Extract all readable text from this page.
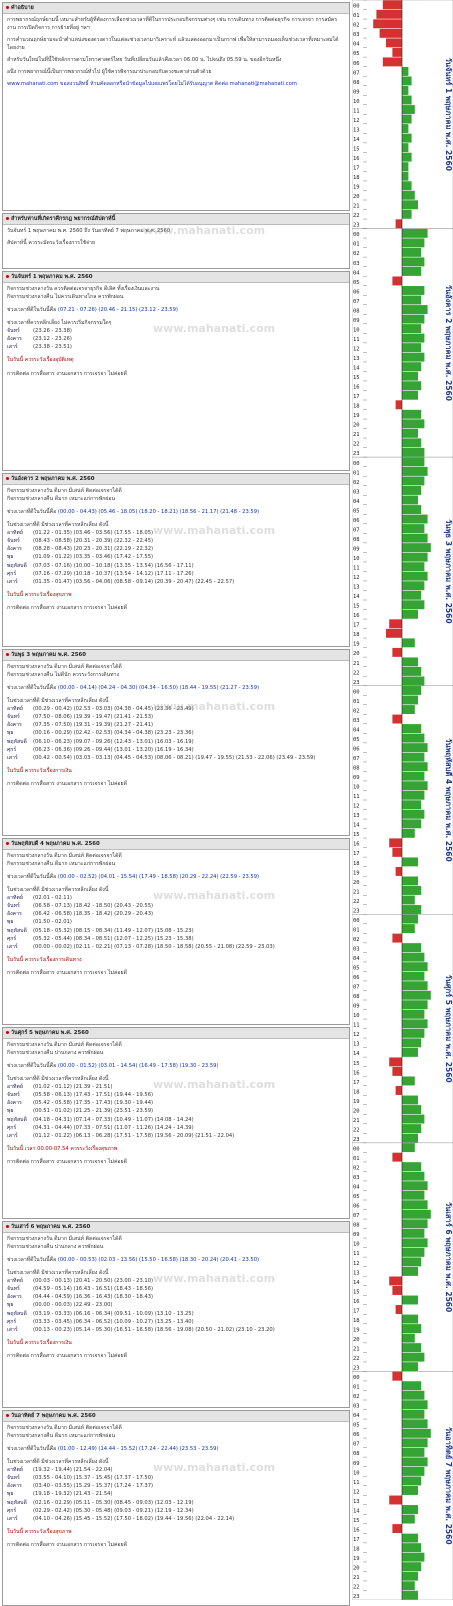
คำอธิบาย

การพยากรณ์ฤกษ์ยามนี้ เหมาะสำหรับผู้ที่ต้องการเลือกช่วงเวลาที่ดีในการประกอบกิจกรรมต่างๆ เช่น การเดินทาง การติดต่อธุรกิจ การเจรจา การสมัครงาน การเปิดกิจการ การย้ายที่อยู่ ฯลฯ

การคำนวณฤกษ์ยามจะนำตำแหน่งของดวงดาวในแต่ละช่วงเวลามาวิเคราะห์ แล้วแสดงออกมาเป็นกราฟ เพื่อให้สามารถมองเห็นช่วงเวลาที่เหมาะสมได้โดยง่าย

สำหรับวันใหม่ในที่นี้ใช้หลักการตามโหราศาสตร์ไทย วันที่เปลี่ยนวันแล้วคือเวลา 06.00 น. ไปจนถึง 05.59 น. ของอีกวันหนึ่ง

อนึ่ง การพยากรณ์นี้เป็นการพยากรณ์ทั่วไป ผู้ใช้ควรพิจารณาประกอบกับดวงชะตาส่วนตัวด้วย

www.mahanati.com ขอสงวนสิทธิ์ ห้ามคัดลอกหรือนำข้อมูลไปเผยแพร่โดยไม่ได้รับอนุญาต ติดต่อ mahanati@mahanati.com

สำหรับท่านที่เกิดราศีกรกฎ พยากรณ์สัปดาห์นี้

วันจันทร์ 1 พฤษภาคม พ.ศ. 2560 ถึง วันอาทิตย์ 7 พฤษภาคม พ.ศ. 2560

สัปดาห์นี้ ควรระมัดระวังเรื่องการใช้จ่าย

www.mahanati.com
วันจันทร์ 1 พฤษภาคม พ.ศ. 2560
กิจกรรมช่วงกลางวัน ควรติดต่อเจรจาธุรกิจ ดีเลิศ ทั้งเรื่องเงินและงาน
กิจกรรมช่วงกลางคืน ไม่ควรเดินทางไกล ควรพักผ่อน
ช่วงเวลาที่ดีในวันนี้คือ (07.21 - 07.26) (20.46 - 21.15) (23.12 - 23.59)
ช่วงเวลาที่ควรหลีกเลี่ยง ไม่ควรเริ่มกิจกรรมใดๆ
จันทร์	(23.26 - 23.38)
อังคาร	(23.12 - 23.26)
เสาร์	(23.38 - 23.51)
ในวันนี้ ควรระวังเรื่องอุบัติเหตุ
การติดต่อ การสื่อสาร งานเอกสาร การเจรจา ไม่ค่อยดี
www.mahanati.com
วันอังคาร 2 พฤษภาคม พ.ศ. 2560
กิจกรรมช่วงกลางวัน ดีมาก มีเสน่ห์ ติดต่อเจรจาได้ดี
กิจกรรมช่วงกลางคืน ดีมาก เหมาะแก่การพักผ่อน
ช่วงเวลาที่ดีในวันนี้คือ (00.00 - 04.43) (05.46 - 18.05) (18.20 - 18.21) (18.56 - 21.17) (21.48 - 23.59)
ในช่วงเวลาที่ดี มีช่วงเวลาที่ควรหลีกเลี่ยง ดังนี้
อาทิตย์	(01.22 - 01.35) (03.46 - 03.56) (17.55 - 18.05)
จันทร์	(08.43 - 08.58) (20.31 - 20.39) (22.32 - 22.45)
อังคาร	(08.28 - 08.43) (20.23 - 20.31) (22.19 - 22.32)
พุธ	(01.09 - 01.22) (03.35 - 03.46) (17.42 - 17.55)
พฤหัสบดี	(07.03 - 07.16) (10.00 - 10.18) (13.35 - 13.54) (16.56 - 17.11)
ศุกร์	(07.16 - 07.29) (10.18 - 10.37) (13.54 - 14.12) (17.11 - 17.26)
เสาร์	(01.35 - 01.47) (03.56 - 04.06) (08.58 - 09.14) (20.39 - 20.47) (22.45 - 22.57)
ในวันนี้ ควรระวังเรื่องสุขภาพ
การติดต่อ การสื่อสาร งานเอกสาร การเจรจา ไม่ค่อยดี
www.mahanati.com
วันพุธ 3 พฤษภาคม พ.ศ. 2560
กิจกรรมช่วงกลางวัน ดีมาก มีเสน่ห์ ติดต่อเจรจาได้ดี
กิจกรรมช่วงกลางคืน ไม่ดีนัก ควรระวังการเดินทาง
ช่วงเวลาที่ดีในวันนี้คือ (00.00 - 04.14) (04.24 - 04.30) (04.34 - 16.50) (18.44 - 19.55) (21.27 - 23.59)
ในช่วงเวลาที่ดี มีช่วงเวลาที่ควรหลีกเลี่ยง ดังนี้
อาทิตย์	(00.29 - 00.42) (02.53 - 03.03) (04.38 - 04.45) (23.36 - 23.49)
จันทร์	(07.50 - 08.06) (19.39 - 19.47) (21.41 - 21.53)
อังคาร	(07.35 - 07.50) (19.31 - 19.39) (21.27 - 21.41)
พุธ	(00.16 - 00.29) (02.42 - 02.53) (04.34 - 04.38) (23.23 - 23.36)
พฤหัสบดี	(06.10 - 06.23) (09.07 - 09.26) (12.43 - 13.01) (16.03 - 16.19)
ศุกร์	(06.23 - 06.36) (09.26 - 09.44) (13.01 - 13.20) (16.19 - 16.34)
เสาร์	(00.42 - 00.54) (03.03 - 03.13) (04.45 - 04.53) (08.06 - 08.21) (19.47 - 19.55) (21.53 - 22.06) (23.49 - 23.59)
ในวันนี้ ควรระวังเรื่องการเงิน
การติดต่อ การสื่อสาร งานเอกสาร การเจรจา ไม่ค่อยดี
www.mahanati.com
วันพฤหัสบดี 4 พฤษภาคม พ.ศ. 2560
กิจกรรมช่วงกลางวัน ดีมาก มีเสน่ห์ ติดต่อเจรจาได้ดี
กิจกรรมช่วงกลางคืน ดีมาก เหมาะแก่การพักผ่อน
ช่วงเวลาที่ดีในวันนี้คือ (00.00 - 02.52) (04.01 - 15.54) (17.49 - 18.58) (20.29 - 22.24) (22.59 - 23.59)
ในช่วงเวลาที่ดี มีช่วงเวลาที่ควรหลีกเลี่ยง ดังนี้
อาทิตย์	(02.01 - 02.11)
จันทร์	(06.58 - 07.13) (18.42 - 18.50) (20.43 - 20.55)
อังคาร	(06.42 - 06.58) (18.35 - 18.42) (20.29 - 20.43)
พุธ	(01.50 - 02.01)
พฤหัสบดี	(05.18 - 05.32) (08.15 - 08.34) (11.49 - 12.07) (15.08 - 15.23)
ศุกร์	(05.32 - 05.44) (08.34 - 08.51) (12.07 - 12.25) (15.23 - 15.38)
เสาร์	(00.00 - 00.02) (02.11 - 02.21) (07.13 - 07.28) (18.50 - 18.58) (20.55 - 21.08) (22.59 - 23.03)
ในวันนี้ ควรระวังเรื่องการเดินทาง
การติดต่อ การสื่อสาร งานเอกสาร การเจรจา ไม่ค่อยดี
www.mahanati.com
วันศุกร์ 5 พฤษภาคม พ.ศ. 2560
กิจกรรมช่วงกลางวัน ดีมาก มีเสน่ห์ ติดต่อเจรจาได้ดี
กิจกรรมช่วงกลางคืน ปานกลาง ควรพักผ่อน
ช่วงเวลาที่ดีในวันนี้คือ (00.00 - 01.52) (03.01 - 14.54) (16.49 - 17.58) (19.30 - 23.59)
ในช่วงเวลาที่ดี มีช่วงเวลาที่ควรหลีกเลี่ยง ดังนี้
อาทิตย์	(01.02 - 01.12) (21.39 - 21.51)
จันทร์	(05.58 - 06.13) (17.43 - 17.51) (19.44 - 19.56)
อังคาร	(05.42 - 05.58) (17.35 - 17.43) (19.30 - 19.44)
พุธ	(00.51 - 01.02) (21.25 - 21.39) (23.51 - 23.59)
พฤหัสบดี	(04.18 - 04.31) (07.14 - 07.33) (10.49 - 11.07) (14.08 - 14.24)
ศุกร์	(04.31 - 04.44) (07.33 - 07.51) (11.07 - 11.26) (14.24 - 14.39)
เสาร์	(01.12 - 01.22) (06.13 - 06.28) (17.51 - 17.58) (19.56 - 20.09) (21.51 - 22.04)
ในวันนี้ เวลา 00.00-07.54 ควรระวังเรื่องสุขภาพ
การติดต่อ การสื่อสาร งานเอกสาร การเจรจา ไม่ค่อยดี
www.mahanati.com
วันเสาร์ 6 พฤษภาคม พ.ศ. 2560
กิจกรรมช่วงกลางวัน ดีมาก มีเสน่ห์ ติดต่อเจรจาได้ดี
กิจกรรมช่วงกลางคืน ปานกลาง ควรพักผ่อน
ช่วงเวลาที่ดีในวันนี้คือ (00.00 - 00.53) (02.03 - 13.56) (15.50 - 16.58) (18.30 - 20.24) (20.41 - 23.50)
ในช่วงเวลาที่ดี มีช่วงเวลาที่ควรหลีกเลี่ยง ดังนี้
อาทิตย์	(00.03 - 00.13) (20.41 - 20.50) (23.00 - 23.10)
จันทร์	(04.59 - 05.14) (16.43 - 16.51) (18.43 - 18.56)
อังคาร	(04.44 - 04.59) (16.36 - 16.43) (18.30 - 18.43)
พุธ	(00.00 - 00.03) (22.49 - 23.00)
พฤหัสบดี	(03.19 - 03.33) (06.16 - 06.34) (09.51 - 10.09) (13.10 - 13.25)
ศุกร์	(03.33 - 03.45) (06.34 - 06.52) (10.09 - 10.27) (13.25 - 13.40)
เสาร์	(00.13 - 00.23) (05.14 - 05.30) (16.51 - 16.58) (18.56 - 19.08) (20.50 - 21.02) (23.10 - 23.20)
ในวันนี้ ควรระวังเรื่องการเงิน
การติดต่อ การสื่อสาร งานเอกสาร การเจรจา ไม่ค่อยดี
www.mahanati.com
วันอาทิตย์ 7 พฤษภาคม พ.ศ. 2560
กิจกรรมช่วงกลางวัน ดีมาก มีเสน่ห์ ติดต่อเจรจาได้ดี
กิจกรรมช่วงกลางคืน ดีมาก เหมาะแก่การพักผ่อน
ช่วงเวลาที่ดีในวันนี้คือ (01.00 - 12.49) (14.44 - 15.52) (17.24 - 22.44) (23.53 - 23.59)
ในช่วงเวลาที่ดี มีช่วงเวลาที่ควรหลีกเลี่ยง ดังนี้
อาทิตย์	(19.32 - 19.44) (21.54 - 22.04)
จันทร์	(03.55 - 04.10) (15.37 - 15.45) (17.37 - 17.50)
อังคาร	(03.40 - 03.55) (15.29 - 15.37) (17.24 - 17.37)
พุธ	(19.18 - 19.32) (21.43 - 21.54)
พฤหัสบดี	(02.16 - 02.29) (05.11 - 05.30) (08.45 - 09.03) (12.03 - 12.19)
ศุกร์	(02.29 - 02.42) (05.30 - 05.48) (09.03 - 09.21) (12.19 - 12.34)
เสาร์	(04.10 - 04.26) (15.45 - 15.52) (17.50 - 18.02) (19.44 - 19.56) (22.04 - 22.14)
ในวันนี้ ควรระวังเรื่องสุขภาพ
การติดต่อ การสื่อสาร งานเอกสาร การเจรจา ไม่ค่อยดี
www.mahanati.com
00
01
02
03
04
05
06
07
08
09
10
11
12
13
14
15
16
17
18
19
20
21
22
23
วันจันทร์ 1 พฤษภาคม พ.ศ. 2560
00
01
02
03
04
05
06
07
08
09
10
11
12
13
14
15
16
17
18
19
20
21
22
23
วันอังคาร 2 พฤษภาคม พ.ศ. 2560
00
01
02
03
04
05
06
07
08
09
10
11
12
13
14
15
16
17
18
19
20
21
22
23
วันพุธ 3 พฤษภาคม พ.ศ. 2560
00
01
02
03
04
05
06
07
08
09
10
11
12
13
14
15
16
17
18
19
20
21
22
23
วันพฤหัสบดี 4 พฤษภาคม พ.ศ. 2560
00
01
02
03
04
05
06
07
08
09
10
11
12
13
14
15
16
17
18
19
20
21
22
23
วันศุกร์ 5 พฤษภาคม พ.ศ. 2560
00
01
02
03
04
05
06
07
08
09
10
11
12
13
14
15
16
17
18
19
20
21
22
23
วันเสาร์ 6 พฤษภาคม พ.ศ. 2560
00
01
02
03
04
05
06
07
08
09
10
11
12
13
14
15
16
17
18
19
20
21
22
23
วันอาทิตย์ 7 พฤษภาคม พ.ศ. 2560
